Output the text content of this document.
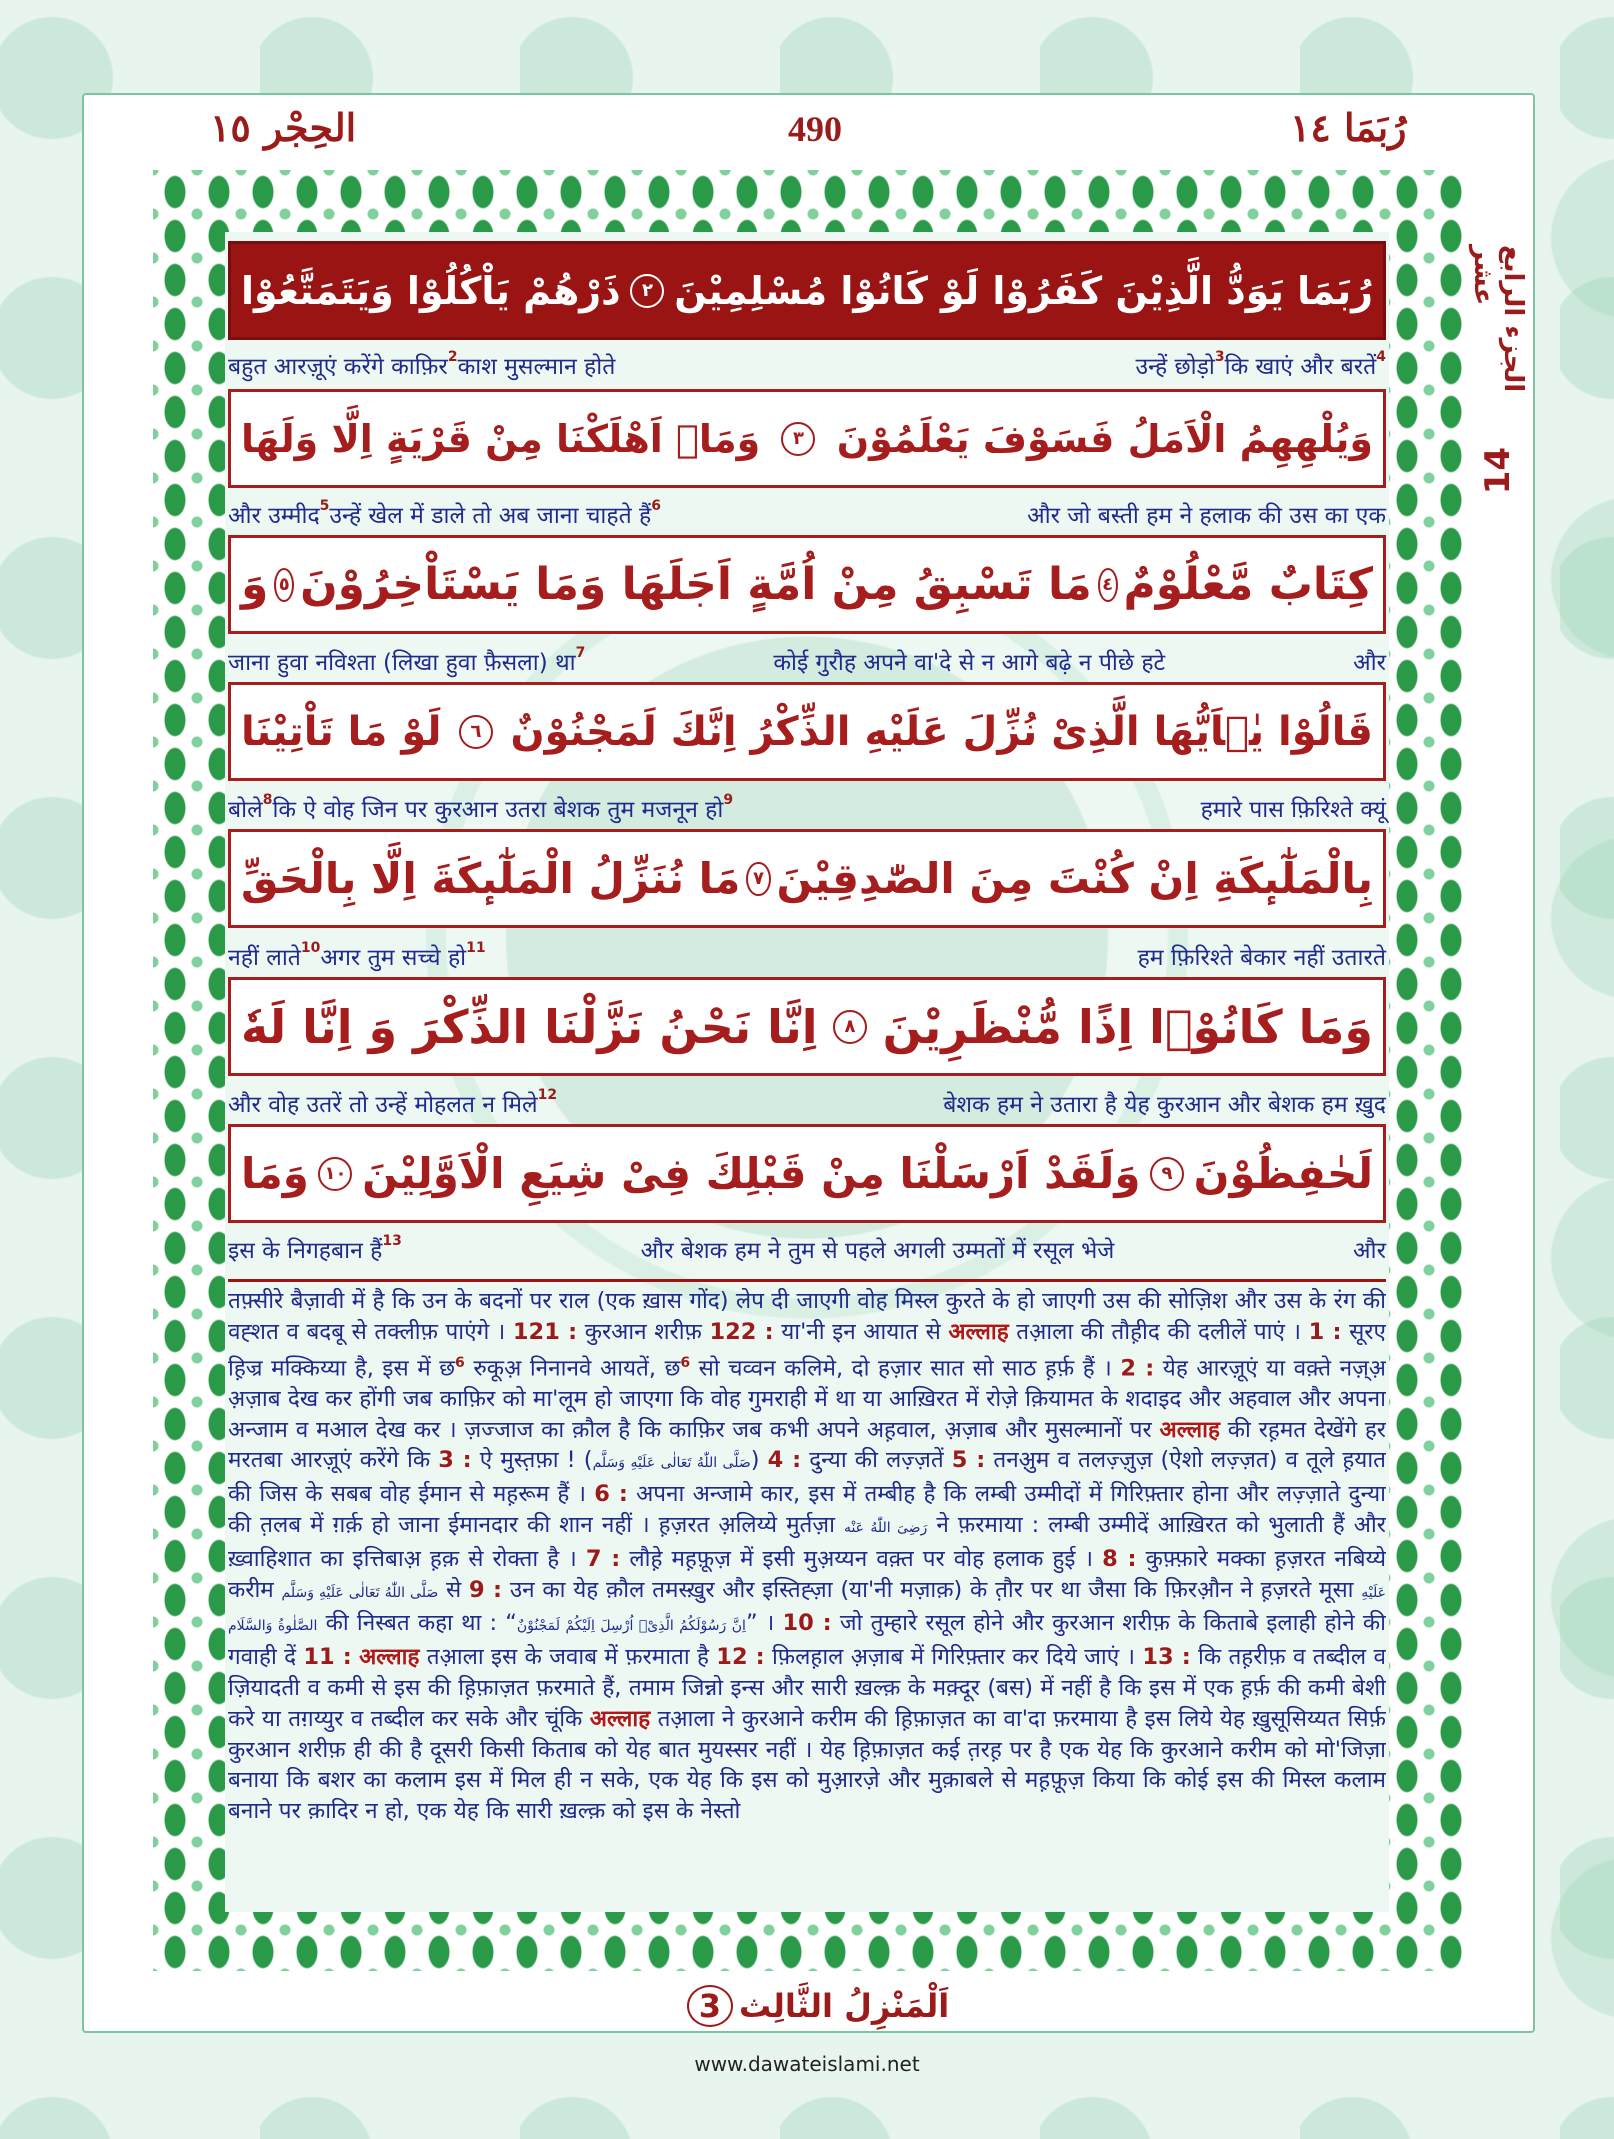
الحِجْر ١٥	490	رُبَمَا ١٤
الجزء الرابع عشر
14
رُبَمَا يَوَدُّ الَّذِيْنَ كَفَرُوْا لَوْ كَانُوْا مُسْلِمِيْنَ
٢
ذَرْهُمْ يَاْكُلُوْا وَيَتَمَتَّعُوْا
وَيُلْهِهِمُ الْاَمَلُ فَسَوْفَ يَعْلَمُوْنَ
٣
وَمَاۤ اَهْلَكْنَا مِنْ قَرْيَةٍ اِلَّا وَلَهَا
كِتَابٌ مَّعْلُوْمٌ
٤
مَا تَسْبِقُ مِنْ اُمَّةٍ اَجَلَهَا وَمَا يَسْتَاْخِرُوْنَ
٥
وَ
قَالُوْا يٰۤاَيُّهَا الَّذِیْ نُزِّلَ عَلَیْهِ الذِّكْرُ اِنَّكَ لَمَجْنُوْنٌ
٦
لَوْ مَا تَاْتِیْنَا
بِالْمَلٰٓىٕكَةِ اِنْ كُنْتَ مِنَ الصّٰدِقِیْنَ
٧
مَا نُنَزِّلُ الْمَلٰٓىٕكَةَ اِلَّا بِالْحَقِّ
وَمَا كَانُوْۤا اِذًا مُّنْظَرِیْنَ
٨
اِنَّا نَحْنُ نَزَّلْنَا الذِّكْرَ وَ اِنَّا لَهٗ
لَحٰفِظُوْنَ
٩
وَلَقَدْ اَرْسَلْنَا مِنْ قَبْلِكَ فِیْ شِیَعِ الْاَوَّلِیْنَ
١٠
وَمَا
बहुत आरज़ूएं करेंगे काफ़िर 2 काश मुसल्मान होते	उन्हें छोड़ो 3 कि खाएं और बरतें 4
और उम्मीद 5 उन्हें खेल में डाले तो अब जाना चाहते हैं 6	और जो बस्ती हम ने हलाक की उस का एक
जाना हुवा नविश्ता (लिखा हुवा फ़ैसला) था 7	कोई गुरौह अपने वा'दे से न आगे बढ़े न पीछे हटे	और
बोले 8 कि ऐ वोह जिन पर कुरआन उतरा बेशक तुम मजनून हो 9	हमारे पास फ़िरिश्ते क्यूं
नहीं लाते 10 अगर तुम सच्चे हो 11	हम फ़िरिश्ते बेकार नहीं उतारते
और वोह उतरें तो उन्हें मोहलत न मिले 12	बेशक हम ने उतारा है येह कुरआन और बेशक हम ख़ुद
इस के निगहबान हैं 13	और बेशक हम ने तुम से पहले अगली उम्मतों में रसूल भेजे	और
तफ़्सीरे बैज़ावी में है कि उन के बदनों पर राल (एक ख़ास गोंद) लेप दी जाएगी वोह मिस्ल कुरते के हो जाएगी उस की सोज़िश और उस के रंग की वह्शत व बदबू से तक्लीफ़ पाएंगे । 121 : कुरआन शरीफ़ 122 : या'नी इन आयात से अल्लाह तआ़ला की तौह़ीद की दलीलें पाएं । 1 : सूरए ह़िज्र मक्किय्या है, इस में छ$^6$ रुकूअ़ निनानवे आयतें, छ$^6$ सो चव्वन कलिमे, दो हज़ार सात सो साठ ह़र्फ़ हैं । 2 : येह आरज़ूएं या वक़्ते नज़्अ़ अ़ज़ाब देख कर होंगी जब काफ़िर को मा'लूम हो जाएगा कि वोह गुमराही में था या आख़िरत में रोज़े क़ियामत के शदाइद और अहवाल और अपना अन्जाम व मआल देख कर । ज़ज्जाज का क़ौल है कि काफ़िर जब कभी अपने अह़वाल, अ़ज़ाब और मुसल्मानों पर अल्लाह की रह़मत देखेंगे हर मरतबा आरज़ूएं करेंगे कि 3 : ऐ मुस्त़फ़ा ! (صَلَّى اللّٰهُ تَعَالٰى عَلَيْهِ وَسَلَّم) 4 : दुन्या की लज़्ज़तें 5 : तनअ़ुम व तलज़्ज़ुज़ (ऐशो लज़्ज़त) व तूले ह़यात की जिस के सबब वोह ईमान से मह़रूम हैं । 6 : अपना अन्जामे कार, इस में तम्बीह है कि लम्बी उम्मीदों में गिरिफ़्तार होना और लज़्ज़ाते दुन्या की त़लब में ग़र्क़ हो जाना ईमानदार की शान नहीं । ह़ज़रत अ़लिय्ये मुर्तज़ा رَضِیَ اللّٰهُ عَنْه ने फ़रमाया : लम्बी उम्मीदें आख़िरत को भुलाती हैं और ख़्वाहिशात का इत्तिबाअ़ ह़क़ से रोक्ता है । 7 : लौह़े मह़फ़ूज़ में इसी मुअ़य्यन वक़्त पर वोह हलाक हुई । 8 : कुफ़्फ़ारे मक्का ह़ज़रत नबिय्ये करीम صَلَّى اللّٰهُ تَعَالٰى عَلَيْهِ وَسَلَّم से 9 : उन का येह क़ौल तमस्ख़ुर और इस्तिह्ज़ा (या'नी मज़ाक़) के त़ौर पर था जैसा कि फ़िरऔ़न ने ह़ज़रते मूसा عَلَيْهِ الصَّلٰوةُ وَالسَّلَام की निस्बत कहा था : “اِنَّ رَسُوْلَكُمُ الَّذِیْۤ اُرْسِلَ اِلَیْكُمْ لَمَجْنُوْنٌ” । 10 : जो तुम्हारे रसूल होने और कुरआन शरीफ़ के किताबे इलाही होने की गवाही दें 11 : अल्लाह तआ़ला इस के जवाब में फ़रमाता है 12 : फ़िलह़ाल अ़ज़ाब में गिरिफ़्तार कर दिये जाएं । 13 : कि तह़रीफ़ व तब्दील व ज़ियादती व कमी से इस की ह़िफ़ाज़त फ़रमाते हैं, तमाम जिन्नो इन्स और सारी ख़ल्क़ के मक़्दूर (बस) में नहीं है कि इस में एक ह़र्फ़ की कमी बेशी करे या तग़य्युर व तब्दील कर सके और चूंकि अल्लाह तआ़ला ने कुरआने करीम की ह़िफ़ाज़त का वा'दा फ़रमाया है इस लिये येह ख़ुसूसिय्यत सिर्फ़ कुरआन शरीफ़ ही की है दूसरी किसी किताब को येह बात मुयस्सर नहीं । येह ह़िफ़ाज़त कई त़रह़ पर है एक येह कि कुरआने करीम को मो'जिज़ा बनाया कि बशर का कलाम इस में मिल ही न सके, एक येह कि इस को मुआ़रज़े और मुक़ाबले से मह़फ़ूज़ किया कि कोई इस की मिस्ल कलाम बनाने पर क़ादिर न हो, एक येह कि सारी ख़ल्क़ को इस के नेस्तो
اَلْمَنْزِلُ الثَّالِث3
www.dawateislami.net
